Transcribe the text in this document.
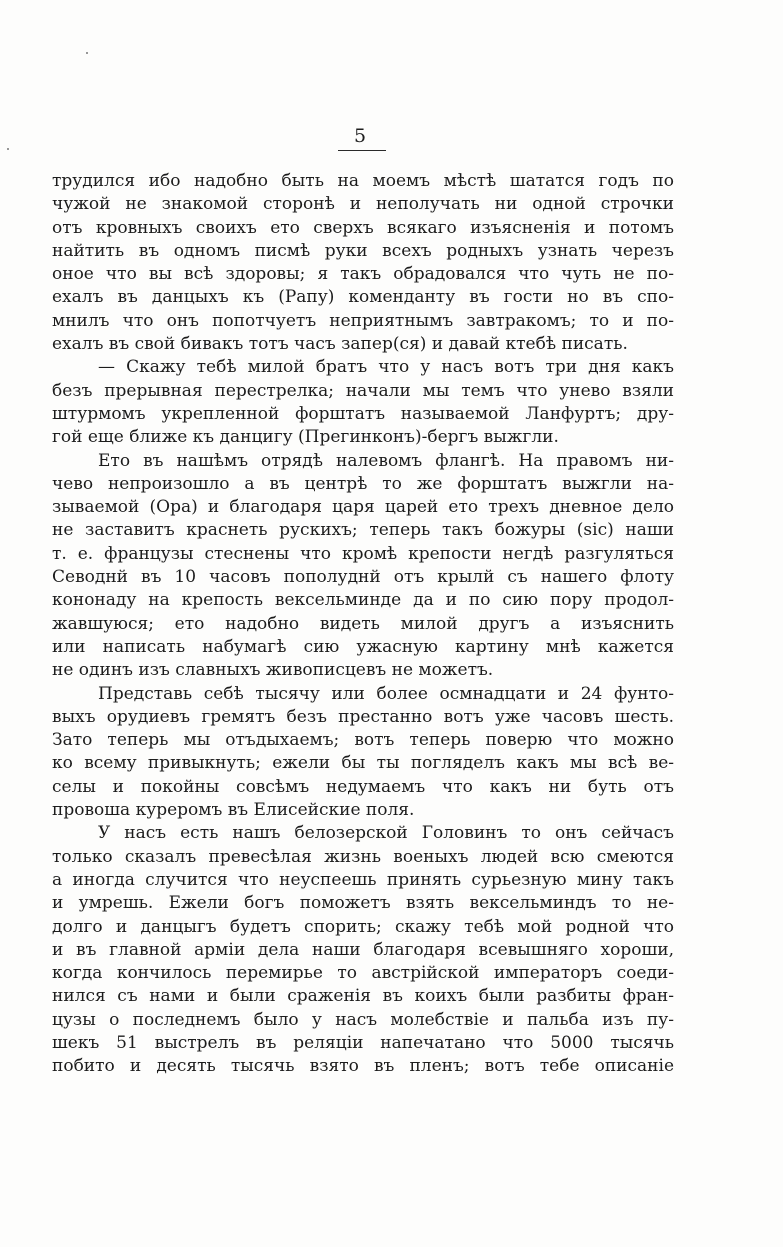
5
трудился ибо надобно быть на моемъ мѣстѣ шататся годъ по
чужой не знакомой сторонѣ и неполучать ни одной строчки
отъ кровныхъ своихъ ето сверхъ всякаго изъясненія и потомъ
найтить въ одномъ писмѣ руки всехъ родныхъ узнать черезъ
оное что вы всѣ здоровы; я такъ обрадовался что чуть не по-
ехалъ въ данцыхъ къ (Рапу) коменданту въ гости но въ спо-
мнилъ что онъ попотчуетъ неприятнымъ завтракомъ; то и по-
ехалъ въ свой бивакъ тотъ часъ запер(ся) и давай ктебѣ писать.
— Скажу тебѣ милой братъ что у насъ вотъ три дня какъ
безъ прерывная перестрелка; начали мы темъ что унево взяли
штурмомъ укрепленной форштатъ называемой Ланфуртъ; дру-
гой еще ближе къ данцигу (Прегинконъ)-бергъ выжгли.
Ето въ нашѣмъ отрядѣ налевомъ флангѣ. На правомъ ни-
чево непроизошло а въ центрѣ то же форштатъ выжгли на-
зываемой (Ора) и благодаря царя царей ето трехъ дневное дело
не заставитъ краснеть рускихъ; теперь такъ божуры (sic) наши
т. е. французы стеснены что кромѣ крепости негдѣ разгуляться
Севоднй въ 10 часовъ пополуднй отъ крылй съ нашего флоту
кононаду на крепость вексельминде да и по сию пору продол-
жавшуюся; ето надобно видеть милой другъ а изъяснить
или написать набумагѣ сию ужасную картину мнѣ кажется
не одинъ изъ славныхъ живописцевъ не можетъ.
Представь себѣ тысячу или более осмнадцати и 24 фунто-
выхъ орудиевъ гремятъ безъ престанно вотъ уже часовъ шесть.
Зато теперь мы отъдыхаемъ; вотъ теперь поверю что можно
ко всему привыкнуть; ежели бы ты погляделъ какъ мы всѣ ве-
селы и покойны совсѣмъ недумаемъ что какъ ни буть отъ
провоша куреромъ въ Елисейские поля.
У насъ есть нашъ белозерской Головинъ то онъ сейчасъ
только сказалъ превесѣлая жизнь военыхъ людей всю смеются
а иногда случится что неуспеешь принять сурьезную мину такъ
и умрешь. Ежели богъ поможетъ взять вексельминдъ то не-
долго и данцыгъ будетъ спорить; скажу тебѣ мой родной что
и въ главной арміи дела наши благодаря всевышняго хороши,
когда кончилось перемирье то австрійской императоръ соеди-
нился съ нами и были сраженія въ коихъ были разбиты фран-
цузы о последнемъ было у насъ молебствіе и пальба изъ пу-
шекъ 51 выстрелъ въ реляціи напечатано что 5000 тысячь
побито и десять тысячь взято въ пленъ; вотъ тебе описаніе
